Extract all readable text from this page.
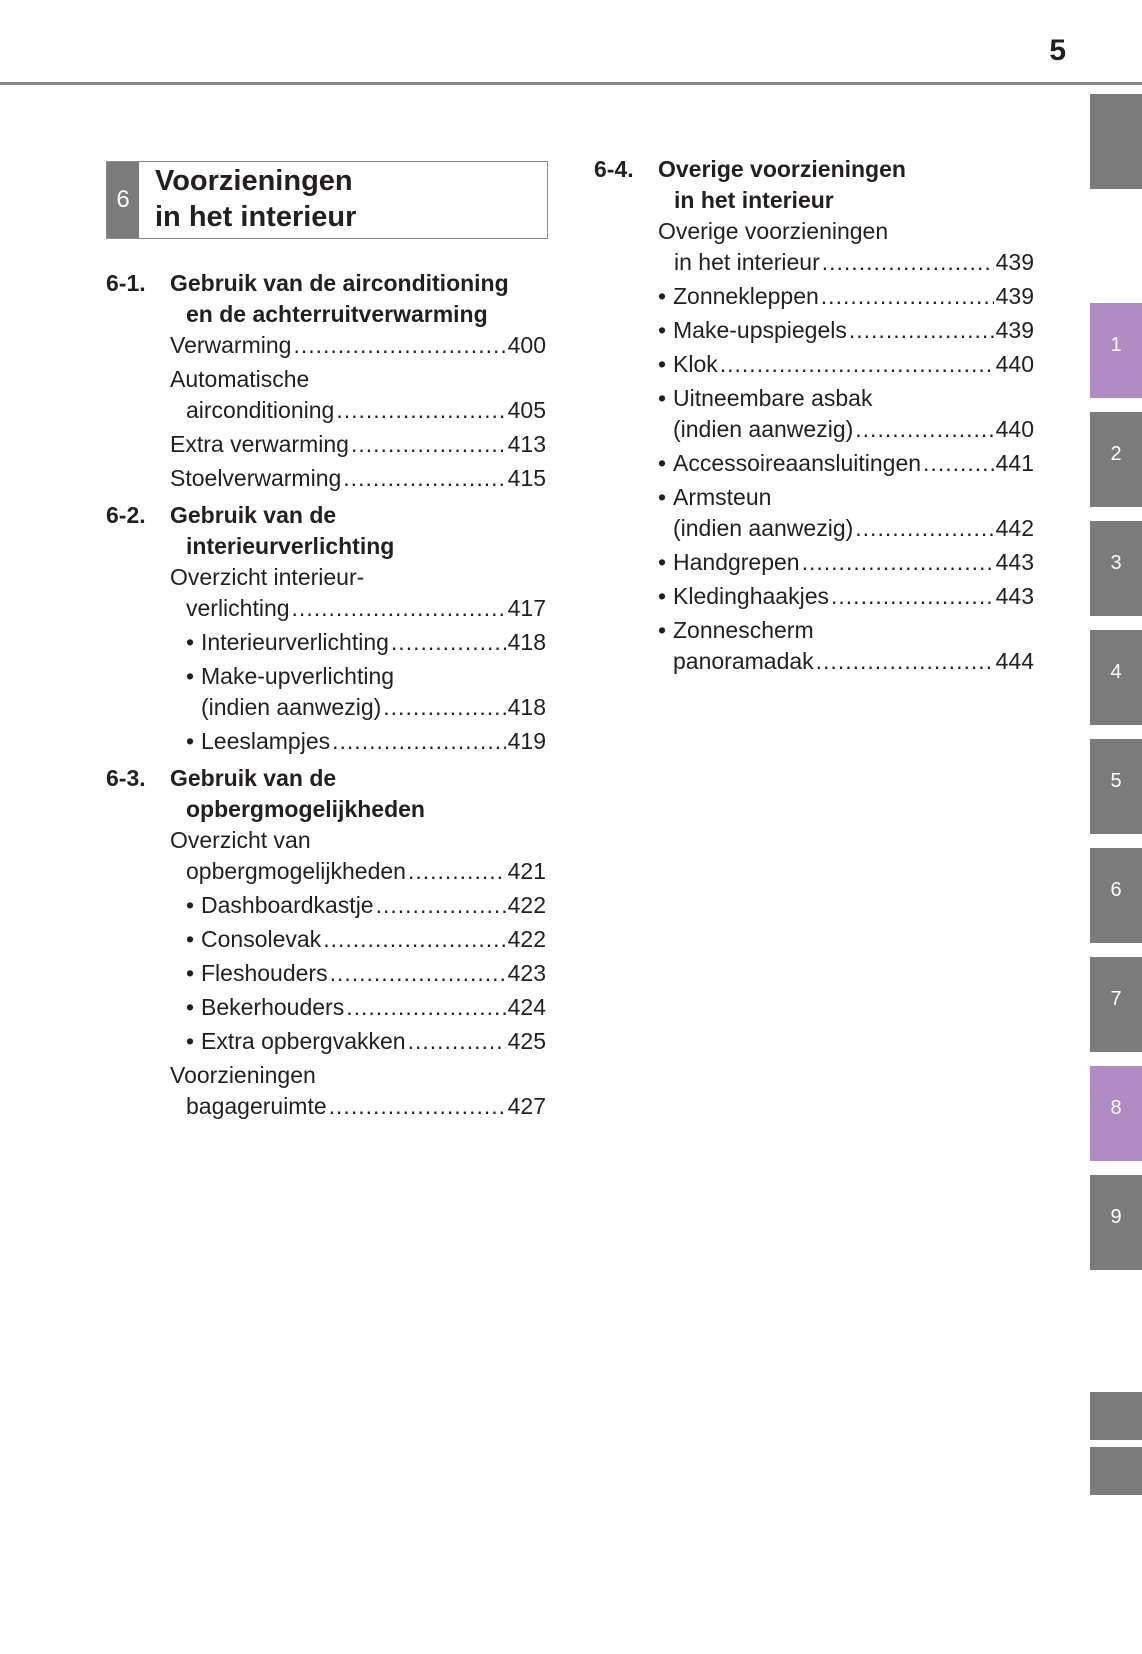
5
1
2
3
4
5
6
7
8
9
6
Voorzieningen
in het interieur
6-1.	Gebruik van de airconditioning
en de achterruitverwarming
Verwarming .....	400
Automatische
airconditioning .....	405
Extra verwarming .....	413
Stoelverwarming .....	415
6-2.	Gebruik van de
interieurverlichting
Overzicht interieur-
verlichting .....	417
• Interieurverlichting .....	418
• Make-upverlichting
(indien aanwezig) .....	418
• Leeslampjes .....	419
6-3.	Gebruik van de
opbergmogelijkheden
Overzicht van
opbergmogelijkheden .....	421
• Dashboardkastje .....	422
• Consolevak .....	422
• Fleshouders .....	423
• Bekerhouders .....	424
• Extra opbergvakken .....	425
Voorzieningen
bagageruimte .....	427
6-4.	Overige voorzieningen
in het interieur
Overige voorzieningen
in het interieur .....	439
• Zonnekleppen .....	439
• Make-upspiegels .....	439
• Klok .....	440
• Uitneembare asbak
(indien aanwezig) .....	440
• Accessoireaansluitingen .....	441
• Armsteun
(indien aanwezig) .....	442
• Handgrepen .....	443
• Kledinghaakjes .....	443
• Zonnescherm
panoramadak .....	444
